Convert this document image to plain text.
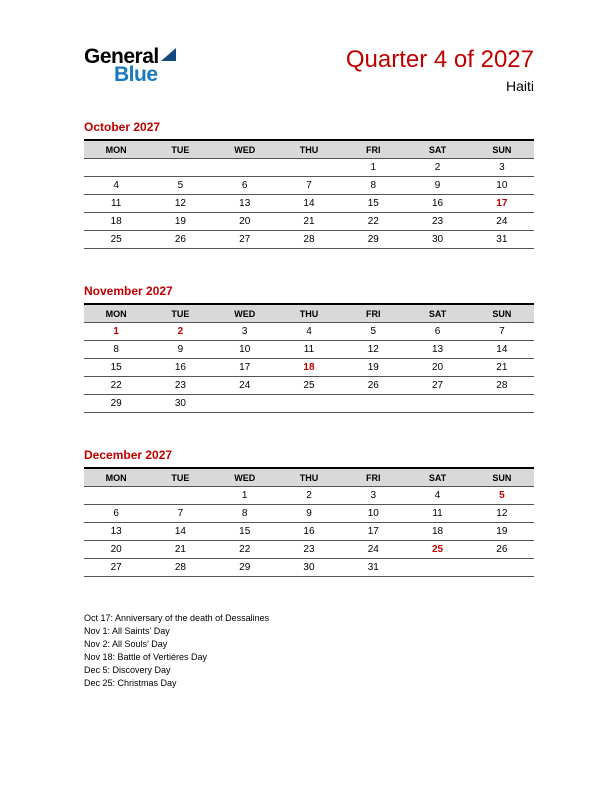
General
Blue
Quarter 4 of 2027
Haiti
October 2027
MON	TUE	WED	THU	FRI	SAT	SUN
				1	2	3
4	5	6	7	8	9	10
11	12	13	14	15	16	17
18	19	20	21	22	23	24
25	26	27	28	29	30	31
November 2027
MON	TUE	WED	THU	FRI	SAT	SUN
1	2	3	4	5	6	7
8	9	10	11	12	13	14
15	16	17	18	19	20	21
22	23	24	25	26	27	28
29	30					
December 2027
MON	TUE	WED	THU	FRI	SAT	SUN
		1	2	3	4	5
6	7	8	9	10	11	12
13	14	15	16	17	18	19
20	21	22	23	24	25	26
27	28	29	30	31		

Oct 17: Anniversary of the death of Dessalines

Nov 1: All Saints’ Day

Nov 2: All Souls’ Day

Nov 18: Battle of Vertières Day

Dec 5: Discovery Day

Dec 25: Christmas Day
